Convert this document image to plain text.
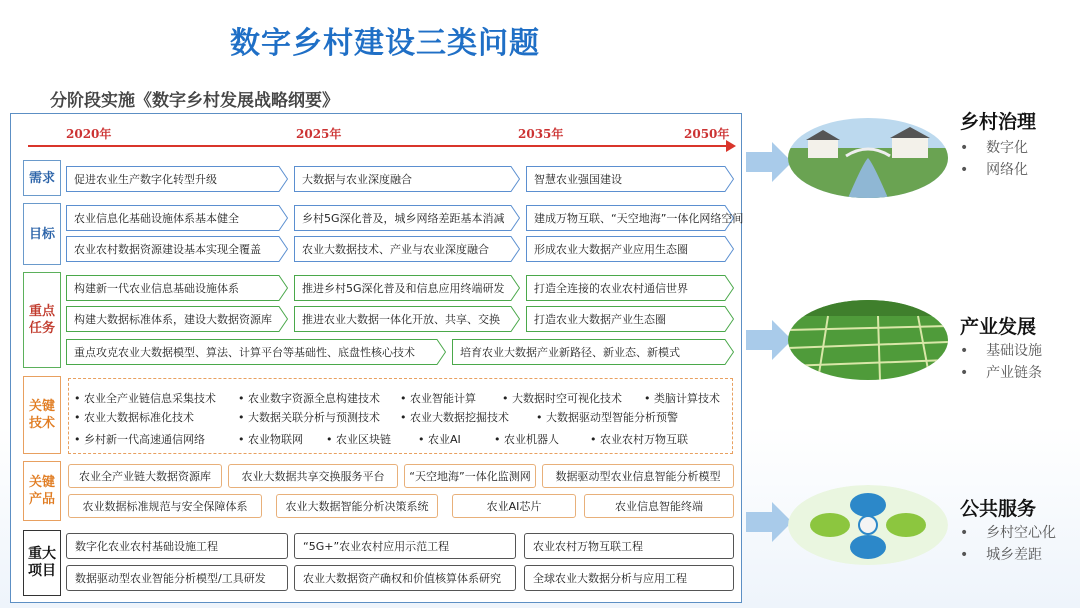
数字乡村建设三类问题
分阶段实施《数字乡村发展战略纲要》
2020年	2025年	2035年	2050年
需求	促进农业生产数字化转型升级	大数据与农业深度融合	智慧农业强国建设
目标
农业信息化基础设施体系基本健全	乡村5G深化普及，城乡网络差距基本消减	建成万物互联、“天空地海”一体化网络空间
农业农村数据资源建设基本实现全覆盖	农业大数据技术、产业与农业深度融合	形成农业大数据产业应用生态圈
重点任务
构建新一代农业信息基础设施体系	推进乡村5G深化普及和信息应用终端研发	打造全连接的农业农村通信世界
构建大数据标准体系，建设大数据资源库	推进农业大数据一体化开放、共享、交换	打造农业大数据产业生态圈
重点攻克农业大数据模型、算法、计算平台等基础性、底盘性核心技术	培育农业大数据产业新路径、新业态、新模式
关键技术
• 农业全产业链信息采集技术 • 农业数字资源全息构建技术 • 农业智能计算 • 大数据时空可视化技术 • 类脑计算技术
• 农业大数据标准化技术	• 大数据关联分析与预测技术 • 农业大数据挖掘技术 • 大数据驱动型智能分析预警
• 乡村新一代高速通信网络	• 农业物联网 • 农业区块链 • 农业AI	• 农业机器人	• 农业农村万物互联
关键产品
农业全产业链大数据资源库	农业大数据共享交换服务平台	“天空地海”一体化监测网	数据驱动型农业信息智能分析模型
农业数据标准规范与安全保障体系	农业大数据智能分析决策系统	农业AI芯片	农业信息智能终端
重大项目
数字化农业农村基础设施工程	“5G+”农业农村应用示范工程	农业农村万物互联工程
数据驱动型农业智能分析模型/工具研发	农业大数据资产确权和价值核算体系研究	全球农业大数据分析与应用工程
乡村治理
•    数字化
•    网络化
产业发展
•    基础设施
•    产业链条
公共服务
•    乡村空心化
•    城乡差距
